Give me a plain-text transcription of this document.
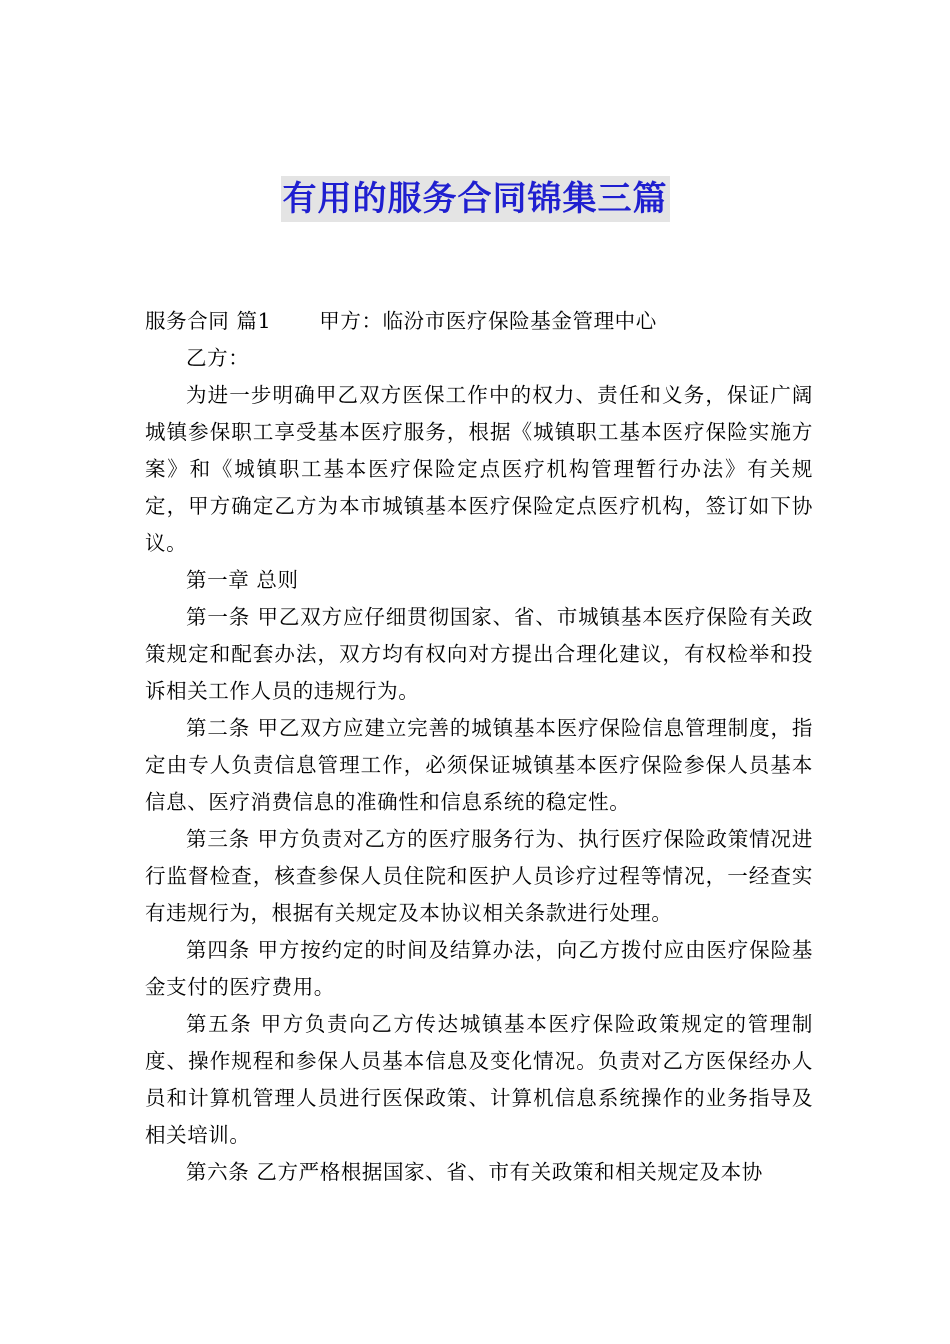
有用的服务合同锦集三篇

服务合同 篇1 甲方：临汾市医疗保险基金管理中心

乙方：

为进一步明确甲乙双方医保工作中的权力、责任和义务，保证广阔城镇参保职工享受基本医疗服务，根据《城镇职工基本医疗保险实施方案》和《城镇职工基本医疗保险定点医疗机构管理暂行办法》有关规定，甲方确定乙方为本市城镇基本医疗保险定点医疗机构，签订如下协议。

第一章 总则

第一条 甲乙双方应仔细贯彻国家、省、市城镇基本医疗保险有关政策规定和配套办法，双方均有权向对方提出合理化建议，有权检举和投诉相关工作人员的违规行为。

第二条 甲乙双方应建立完善的城镇基本医疗保险信息管理制度，指定由专人负责信息管理工作，必须保证城镇基本医疗保险参保人员基本信息、医疗消费信息的准确性和信息系统的稳定性。

第三条 甲方负责对乙方的医疗服务行为、执行医疗保险政策情况进行监督检查，核查参保人员住院和医护人员诊疗过程等情况，一经查实有违规行为，根据有关规定及本协议相关条款进行处理。

第四条 甲方按约定的时间及结算办法，向乙方拨付应由医疗保险基金支付的医疗费用。

第五条 甲方负责向乙方传达城镇基本医疗保险政策规定的管理制度、操作规程和参保人员基本信息及变化情况。负责对乙方医保经办人员和计算机管理人员进行医保政策、计算机信息系统操作的业务指导及相关培训。

第六条 乙方严格根据国家、省、市有关政策和相关规定及本协
